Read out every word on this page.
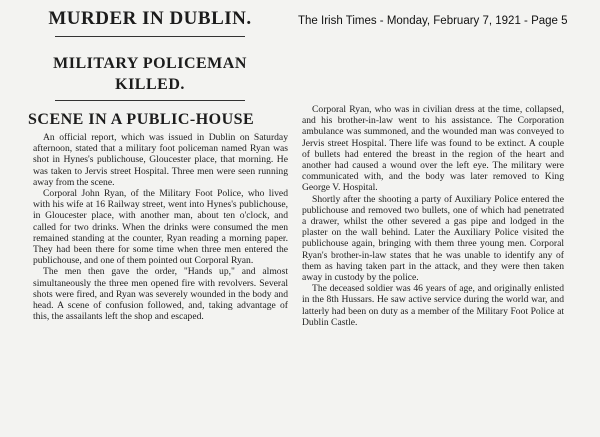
MURDER IN DUBLIN.
MILITARY POLICEMAN
KILLED.
SCENE IN A PUBLIC-HOUSE

An official report, which was issued in Dublin on Saturday afternoon, stated that a military foot policeman named Ryan was shot in Hynes's publichouse, Gloucester place, that morning. He was taken to Jervis street Hospital. Three men were seen running away from the scene.

Corporal John Ryan, of the Military Foot Police, who lived with his wife at 16 Railway street, went into Hynes's publichouse, in Gloucester place, with another man, about ten o'clock, and called for two drinks. When the drinks were consumed the men remained standing at the counter, Ryan reading a morning paper. They had been there for some time when three men entered the publichouse, and one of them pointed out Corporal Ryan.

The men then gave the order, "Hands up," and almost simultaneously the three men opened fire with revolvers. Several shots were fired, and Ryan was severely wounded in the body and head. A scene of confusion followed, and, taking advantage of this, the assailants left the shop and escaped.

Corporal Ryan, who was in civilian dress at the time, collapsed, and his brother-in-law went to his assistance. The Corporation ambulance was summoned, and the wounded man was conveyed to Jervis street Hospital. There life was found to be extinct. A couple of bullets had entered the breast in the region of the heart and another had caused a wound over the left eye. The military were communicated with, and the body was later removed to King George V. Hospital.

Shortly after the shooting a party of Auxiliary Police entered the publichouse and removed two bullets, one of which had penetrated a drawer, whilst the other severed a gas pipe and lodged in the plaster on the wall behind. Later the Auxiliary Police visited the publichouse again, bringing with them three young men. Corporal Ryan's brother-in-law states that he was unable to identify any of them as having taken part in the attack, and they were then taken away in custody by the police.

The deceased soldier was 46 years of age, and originally enlisted in the 8th Hussars. He saw active service during the world war, and latterly had been on duty as a member of the Military Foot Police at Dublin Castle.

The Irish Times - Monday, February 7, 1921 - Page 5
